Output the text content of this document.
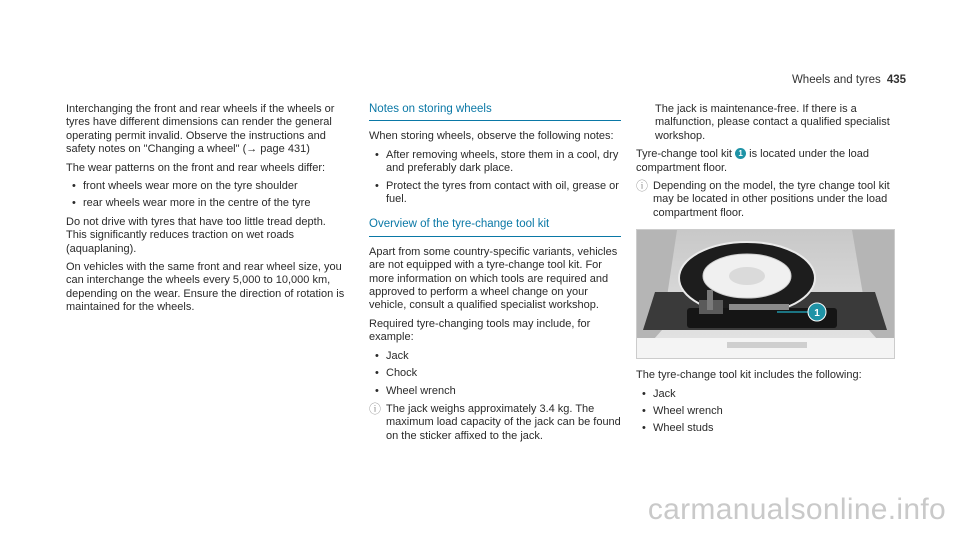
Wheels and tyres 435

Interchanging the front and rear wheels if the wheels or tyres have different dimensions can render the general operating permit invalid. Observe the instructions and safety notes on "Changing a wheel" (→ page 431)

The wear patterns on the front and rear wheels differ:

• front wheels wear more on the tyre shoulder
• rear wheels wear more in the centre of the tyre

Do not drive with tyres that have too little tread depth. This significantly reduces traction on wet roads (aquaplaning).

On vehicles with the same front and rear wheel size, you can interchange the wheels every 5,000 to 10,000 km, depending on the wear. Ensure the direction of rotation is maintained for the wheels.

Notes on storing wheels

When storing wheels, observe the following notes:

• After removing wheels, store them in a cool, dry and preferably dark place.
• Protect the tyres from contact with oil, grease or fuel.
Overview of the tyre-change tool kit

Apart from some country-specific variants, vehicles are not equipped with a tyre-change tool kit. For more information on which tools are required and approved to perform a wheel change on your vehicle, consult a qualified specialist workshop.

Required tyre-changing tools may include, for example:

• Jack
• Chock
• Wheel wrench
ⓘ The jack weighs approximately 3.4 kg. The maximum load capacity of the jack can be found on the sticker affixed to the jack.

The jack is maintenance-free. If there is a malfunction, please contact a qualified specialist workshop.

Tyre-change tool kit 1 is located under the load compartment floor.

ⓘ Depending on the model, the tyre change tool kit may be located in other positions under the load compartment floor.
1

The tyre-change tool kit includes the following:

• Jack
• Wheel wrench
• Wheel studs
carmanualsonline.info
